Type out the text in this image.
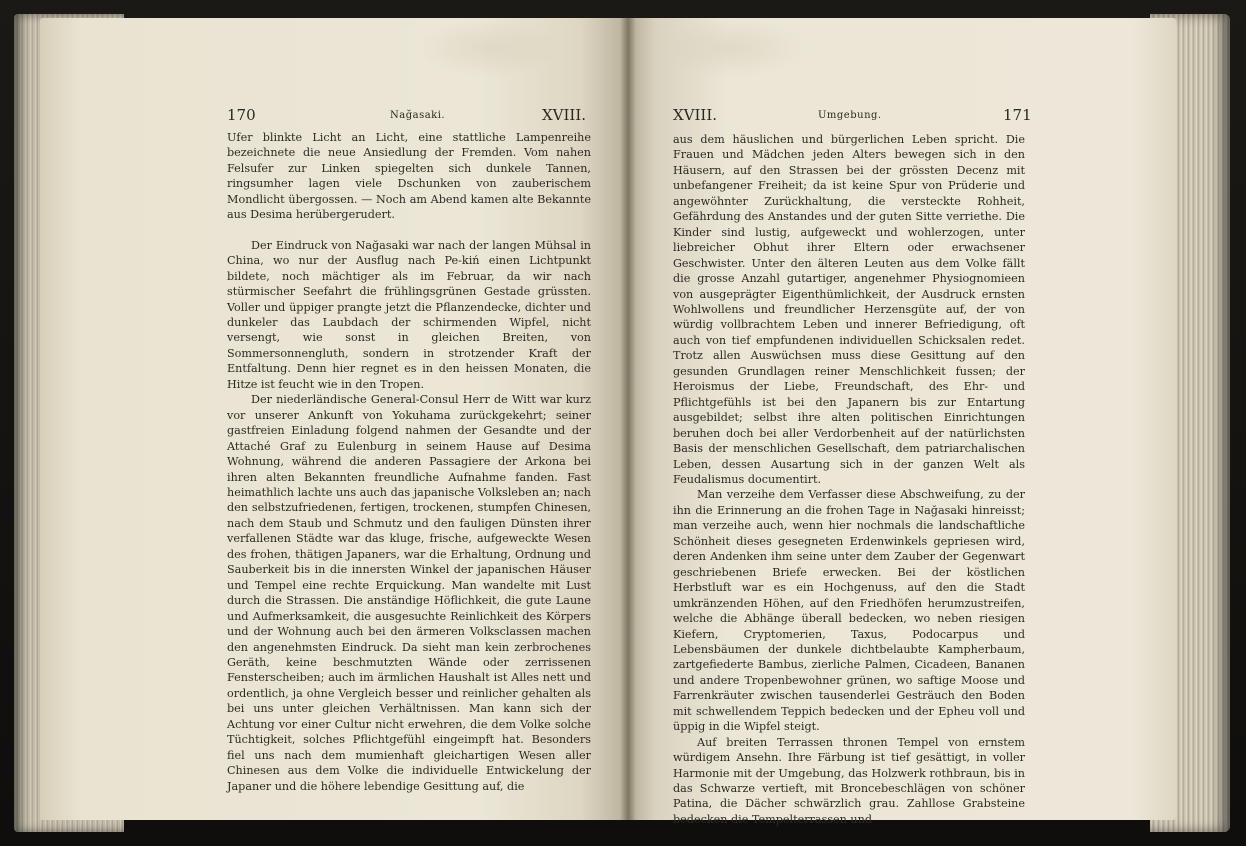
170	Nağasaki.	XVIII.

Ufer blinkte Licht an Licht, eine stattliche Lampenreihe bezeichnete die neue Ansiedlung der Fremden. Vom nahen Felsufer zur Linken spiegelten sich dunkele Tannen, ringsumher lagen viele Dschunken von zauberischem Mondlicht übergossen. — Noch am Abend kamen alte Bekannte aus Desima herübergerudert.

Der Eindruck von Nağasaki war nach der langen Mühsal in China, wo nur der Ausflug nach Pe-kiń einen Lichtpunkt bildete, noch mächtiger als im Februar, da wir nach stürmischer Seefahrt die frühlingsgrünen Gestade grüssten. Voller und üppiger prangte jetzt die Pflanzendecke, dichter und dunkeler das Laubdach der schirmenden Wipfel, nicht versengt, wie sonst in gleichen Breiten, von Sommersonnengluth, sondern in strotzender Kraft der Entfaltung. Denn hier regnet es in den heissen Monaten, die Hitze ist feucht wie in den Tropen.

Der niederländische General-Consul Herr de Witt war kurz vor unserer Ankunft von Yokuhama zurückgekehrt; seiner gastfreien Einladung folgend nahmen der Gesandte und der Attaché Graf zu Eulenburg in seinem Hause auf Desima Wohnung, während die anderen Passagiere der Arkona bei ihren alten Bekannten freundliche Aufnahme fanden. Fast heimathlich lachte uns auch das japanische Volksleben an; nach den selbstzufriedenen, fertigen, trockenen, stumpfen Chinesen, nach dem Staub und Schmutz und den fauligen Dünsten ihrer verfallenen Städte war das kluge, frische, aufgeweckte Wesen des frohen, thätigen Japaners, war die Erhaltung, Ordnung und Sauberkeit bis in die innersten Winkel der japanischen Häuser und Tempel eine rechte Erquickung. Man wandelte mit Lust durch die Strassen. Die anständige Höflichkeit, die gute Laune und Aufmerksamkeit, die ausgesuchte Reinlichkeit des Körpers und der Wohnung auch bei den ärmeren Volksclassen machen den angenehmsten Eindruck. Da sieht man kein zerbrochenes Geräth, keine beschmutzten Wände oder zerrissenen Fensterscheiben; auch im ärmlichen Haushalt ist Alles nett und ordentlich, ja ohne Vergleich besser und reinlicher gehalten als bei uns unter gleichen Verhältnissen. Man kann sich der Achtung vor einer Cultur nicht erwehren, die dem Volke solche Tüchtigkeit, solches Pflichtgefühl eingeimpft hat. Besonders fiel uns nach dem mumienhaft gleichartigen Wesen aller Chinesen aus dem Volke die individuelle Entwickelung der Japaner und die höhere lebendige Gesittung auf, die

XVIII.	Umgebung.	171

aus dem häuslichen und bürgerlichen Leben spricht. Die Frauen und Mädchen jeden Alters bewegen sich in den Häusern, auf den Strassen bei der grössten Decenz mit unbefangener Freiheit; da ist keine Spur von Prüderie und angewöhnter Zurückhaltung, die versteckte Rohheit, Gefährdung des Anstandes und der guten Sitte verriethe. Die Kinder sind lustig, aufgeweckt und wohlerzogen, unter liebreicher Obhut ihrer Eltern oder erwachsener Geschwister. Unter den älteren Leuten aus dem Volke fällt die grosse Anzahl gutartiger, angenehmer Physiognomieen von ausgeprägter Eigenthümlichkeit, der Ausdruck ernsten Wohlwollens und freundlicher Herzensgüte auf, der von würdig vollbrachtem Leben und innerer Befriedigung, oft auch von tief empfundenen individuellen Schicksalen redet. Trotz allen Auswüchsen muss diese Gesittung auf den gesunden Grundlagen reiner Menschlichkeit fussen; der Heroismus der Liebe, Freundschaft, des Ehr- und Pflichtgefühls ist bei den Japanern bis zur Entartung ausgebildet; selbst ihre alten politischen Einrichtungen beruhen doch bei aller Verdorbenheit auf der natürlichsten Basis der menschlichen Gesellschaft, dem patriarchalischen Leben, dessen Ausartung sich in der ganzen Welt als Feudalismus documentirt.

Man verzeihe dem Verfasser diese Abschweifung, zu der ihn die Erinnerung an die frohen Tage in Nağasaki hinreisst; man verzeihe auch, wenn hier nochmals die landschaftliche Schönheit dieses gesegneten Erdenwinkels gepriesen wird, deren Andenken ihm seine unter dem Zauber der Gegenwart geschriebenen Briefe erwecken. Bei der köstlichen Herbstluft war es ein Hochgenuss, auf den die Stadt umkränzenden Höhen, auf den Friedhöfen herumzustreifen, welche die Abhänge überall bedecken, wo neben riesigen Kiefern, Cryptomerien, Taxus, Podocarpus und Lebensbäumen der dunkele dichtbelaubte Kampherbaum, zartgefiederte Bambus, zierliche Palmen, Cicadeen, Bananen und andere Tropenbewohner grünen, wo saftige Moose und Farrenkräuter zwischen tausenderlei Gesträuch den Boden mit schwellendem Teppich bedecken und der Epheu voll und üppig in die Wipfel steigt.

Auf breiten Terrassen thronen Tempel von ernstem würdigem Ansehn. Ihre Färbung ist tief gesättigt, in voller Harmonie mit der Umgebung, das Holzwerk rothbraun, bis in das Schwarze vertieft, mit Broncebeschlägen von schöner Patina, die Dächer schwärzlich grau. Zahllose Grabsteine bedecken die Tempelterrassen und
